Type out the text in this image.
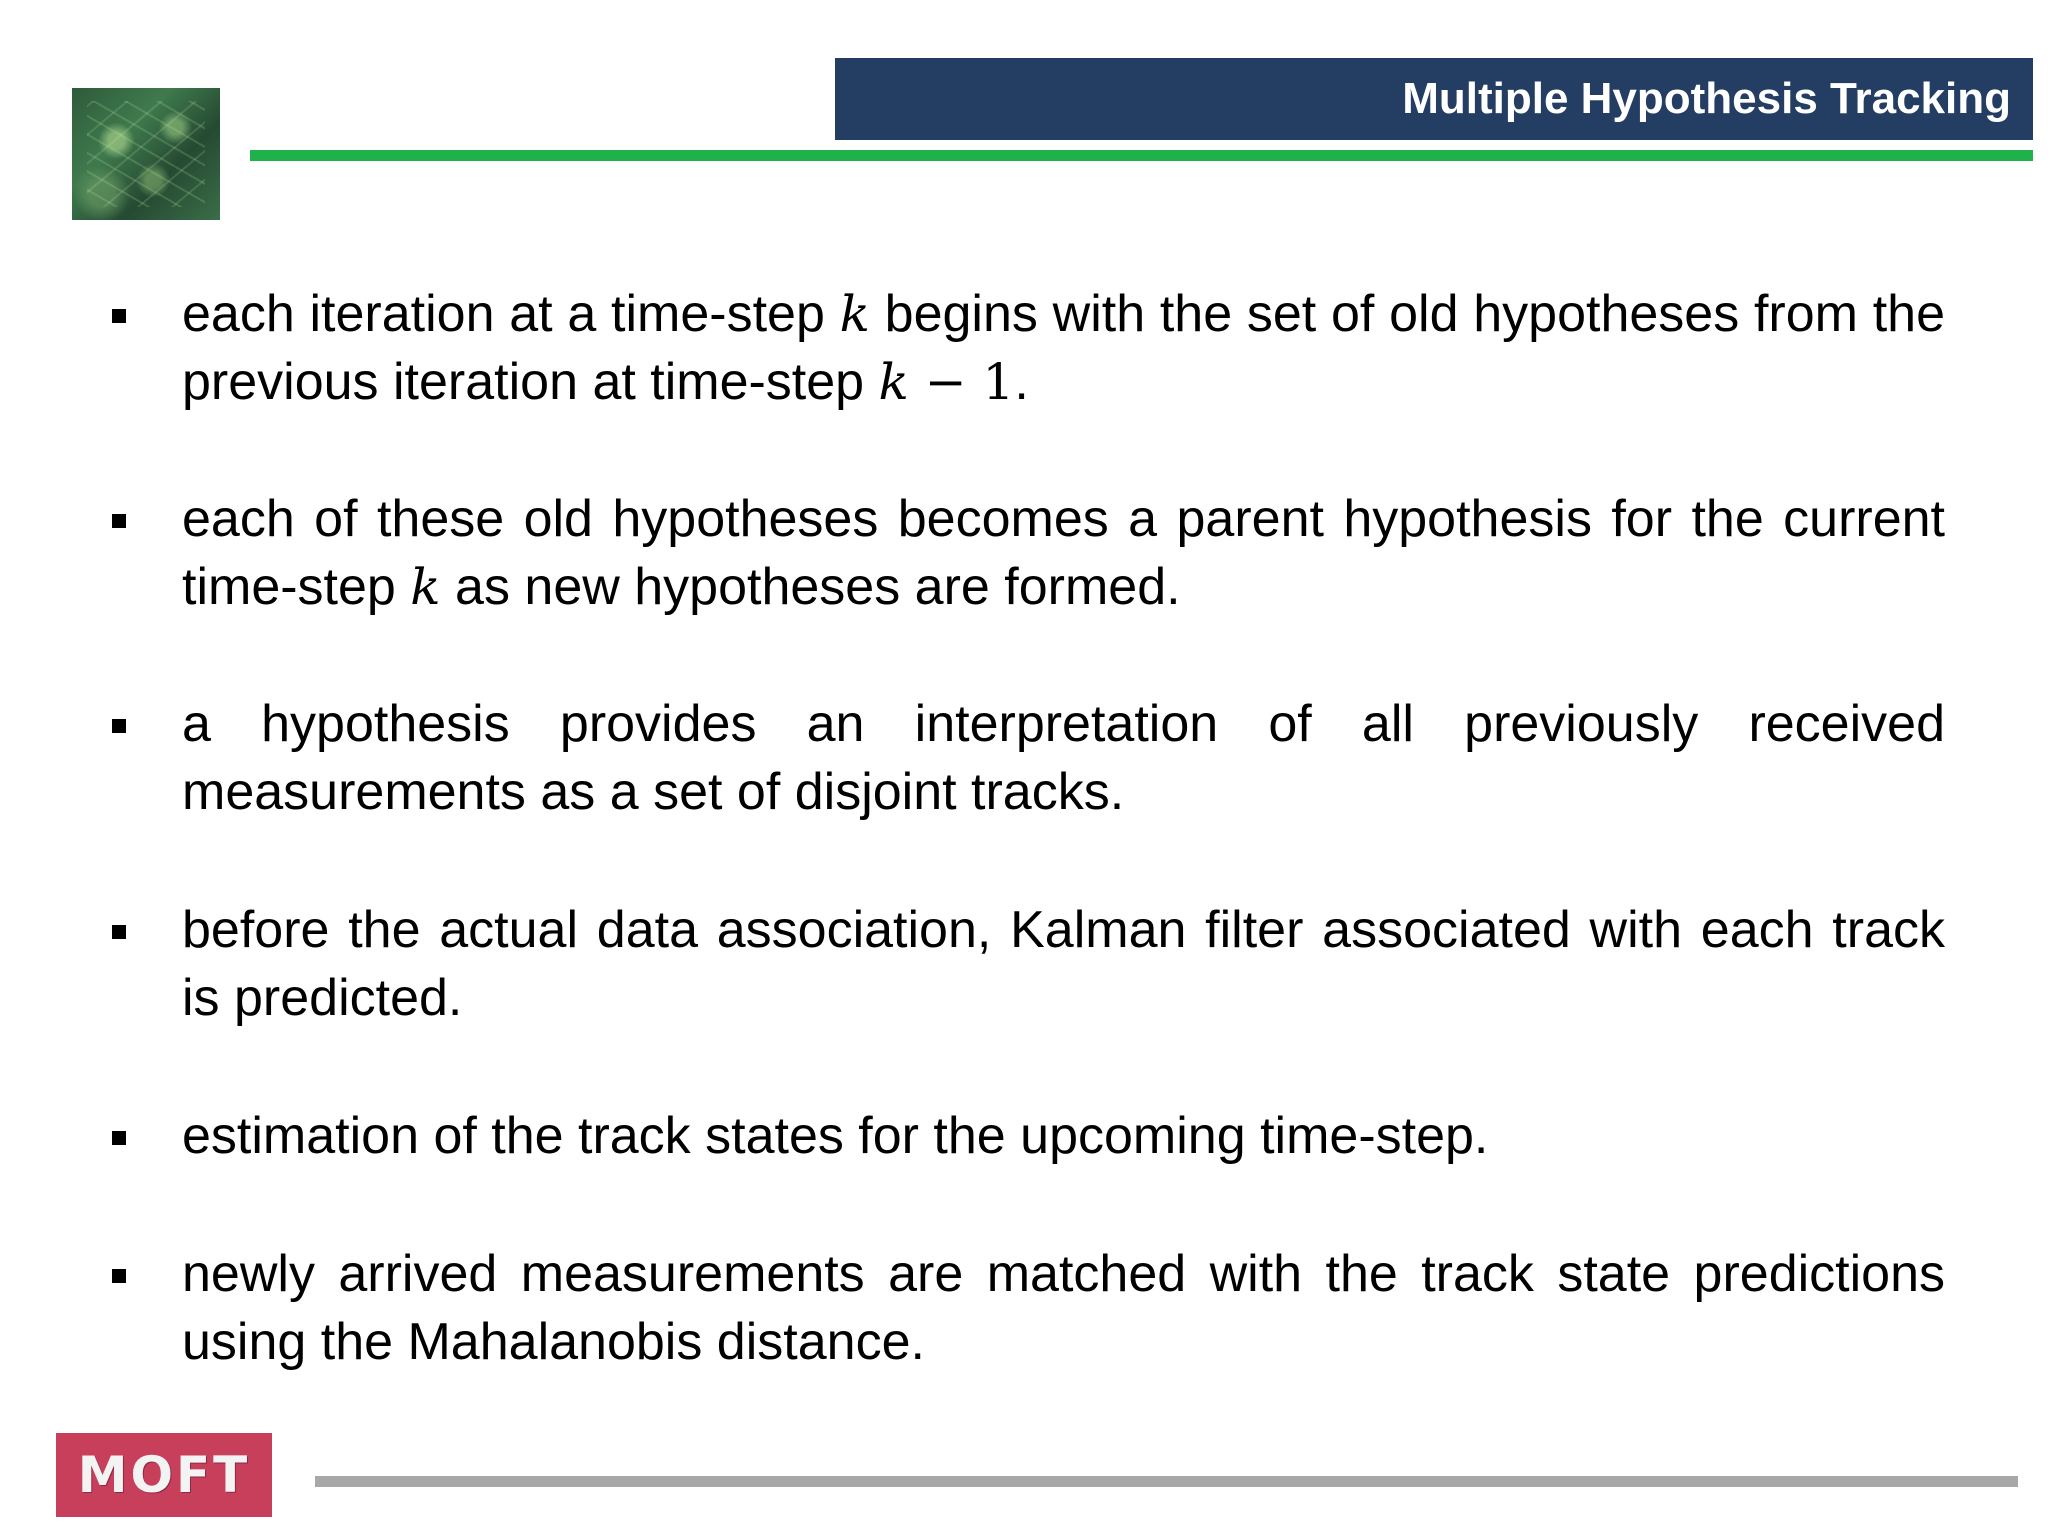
Multiple Hypothesis Tracking
each iteration at a time-step k begins with the set of old hypotheses from the previous iteration at time-step k − 1.
each of these old hypotheses becomes a parent hypothesis for the current time-step k as new hypotheses are formed.
a hypothesis provides an interpretation of all previously received measurements as a set of disjoint tracks.
before the actual data association, Kalman filter associated with each track is predicted.
estimation of the track states for the upcoming time-step.
newly arrived measurements are matched with the track state predictions using the Mahalanobis distance.
MOFT
